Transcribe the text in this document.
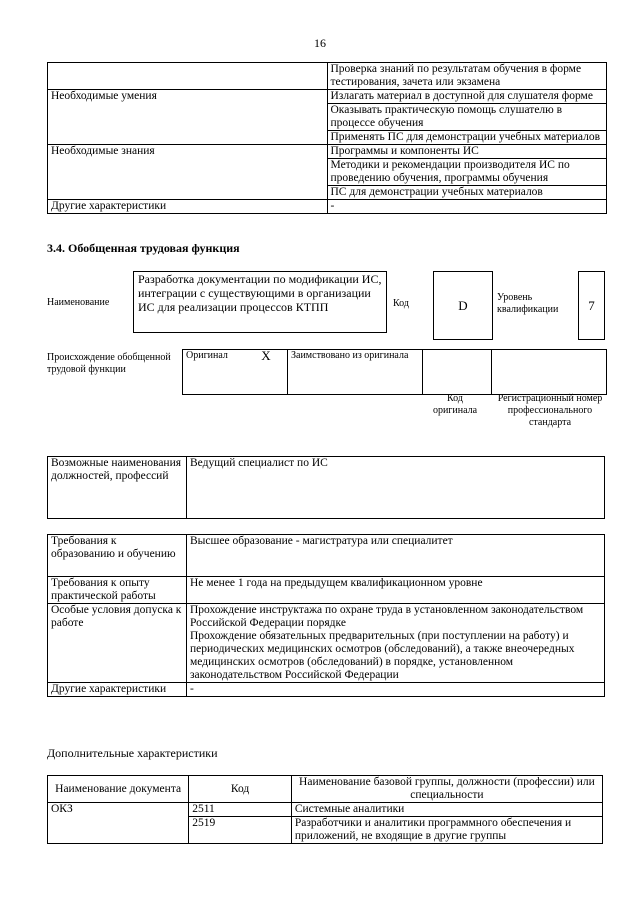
16
	Проверка знаний по результатам обучения в форме тестирования, зачета или экзамена
Необходимые умения	Излагать материал в доступной для слушателя форме
	Оказывать практическую помощь слушателю в процессе обучения
	Применять ПС для демонстрации учебных материалов
Необходимые знания	Программы и компоненты ИС
	Методики и рекомендации производителя ИС по проведению обучения, программы обучения
	ПС для демонстрации учебных материалов
Другие характеристики	-
3.4. Обобщенная трудовая функция
Наименование
Разработка документации по модификации ИС, интеграции с существующими в организации ИС для реализации процессов КТПП	Код	D
Уровень квалификации	7
Происхождение обобщенной трудовой функции
Оригинал	X	Заимствовано из оригинала		
Код оригинала
Регистрационный номер профессионального стандарта
Возможные наименования должностей, профессий	Ведущий специалист по ИС
Требования к образованию и обучению	Высшее образование - магистратура или специалитет
Требования к опыту практической работы	Не менее 1 года на предыдущем квалификационном уровне
Особые условия допуска к работе	Прохождение инструктажа по охране труда в установленном законодательством Российской Федерации порядке
Прохождение обязательных предварительных (при поступлении на работу) и периодических медицинских осмотров (обследований), а также внеочередных медицинских осмотров (обследований) в порядке, установленном законодательством Российской Федерации
Другие характеристики	-
Дополнительные характеристики
Наименование документа	Код	Наименование базовой группы, должности (профессии) или специальности
ОКЗ	2511	Системные аналитики
	2519	Разработчики и аналитики программного обеспечения и приложений, не входящие в другие группы
